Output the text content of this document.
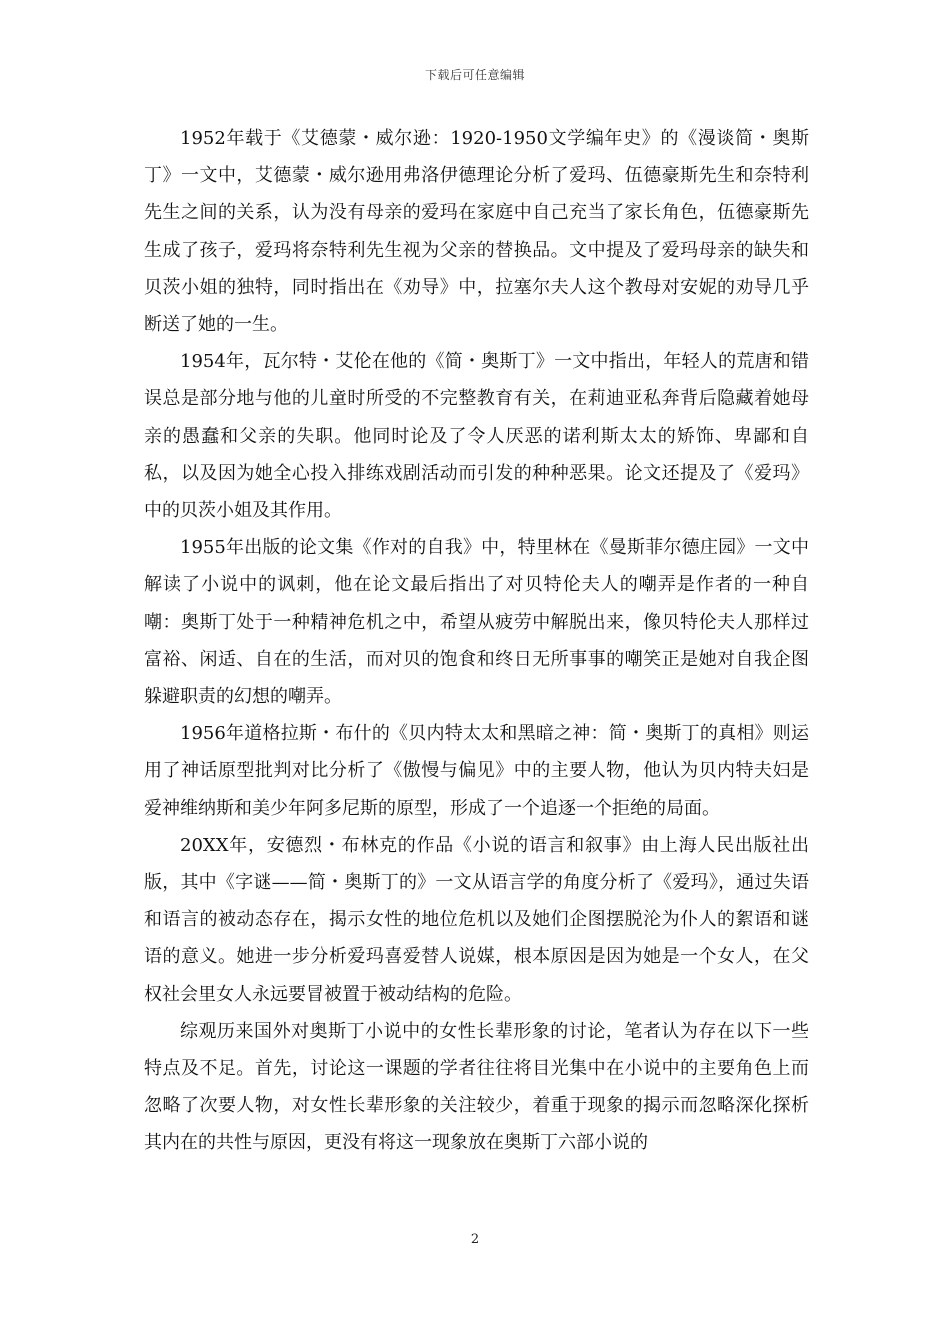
下载后可任意编辑

1952年载于《艾德蒙・威尔逊：1920-1950文学编年史》的《漫谈简・奥斯丁》一文中，艾德蒙・威尔逊用弗洛伊德理论分析了爱玛、伍德豪斯先生和奈特利先生之间的关系，认为没有母亲的爱玛在家庭中自己充当了家长角色，伍德豪斯先生成了孩子，爱玛将奈特利先生视为父亲的替换品。文中提及了爱玛母亲的缺失和贝茨小姐的独特，同时指出在《劝导》中，拉塞尔夫人这个教母对安妮的劝导几乎断送了她的一生。

1954年，瓦尔特・艾伦在他的《简・奥斯丁》一文中指出，年轻人的荒唐和错误总是部分地与他的儿童时所受的不完整教育有关，在莉迪亚私奔背后隐藏着她母亲的愚蠢和父亲的失职。他同时论及了令人厌恶的诺利斯太太的矫饰、卑鄙和自私，以及因为她全心投入排练戏剧活动而引发的种种恶果。论文还提及了《爱玛》中的贝茨小姐及其作用。

1955年出版的论文集《作对的自我》中，特里林在《曼斯菲尔德庄园》一文中解读了小说中的讽刺，他在论文最后指出了对贝特伦夫人的嘲弄是作者的一种自嘲：奥斯丁处于一种精神危机之中，希望从疲劳中解脱出来，像贝特伦夫人那样过富裕、闲适、自在的生活，而对贝的饱食和终日无所事事的嘲笑正是她对自我企图躲避职责的幻想的嘲弄。

1956年道格拉斯・布什的《贝内特太太和黑暗之神：简・奥斯丁的真相》则运用了神话原型批判对比分析了《傲慢与偏见》中的主要人物，他认为贝内特夫妇是爱神维纳斯和美少年阿多尼斯的原型，形成了一个追逐一个拒绝的局面。

20XX年，安德烈・布林克的作品《小说的语言和叙事》由上海人民出版社出版，其中《字谜——简・奥斯丁的》一文从语言学的角度分析了《爱玛》，通过失语和语言的被动态存在，揭示女性的地位危机以及她们企图摆脱沦为仆人的絮语和谜语的意义。她进一步分析爱玛喜爱替人说媒，根本原因是因为她是一个女人，在父权社会里女人永远要冒被置于被动结构的危险。

综观历来国外对奥斯丁小说中的女性长辈形象的讨论，笔者认为存在以下一些特点及不足。首先，讨论这一课题的学者往往将目光集中在小说中的主要角色上而忽略了次要人物，对女性长辈形象的关注较少，着重于现象的揭示而忽略深化探析其内在的共性与原因，更没有将这一现象放在奥斯丁六部小说的

2
